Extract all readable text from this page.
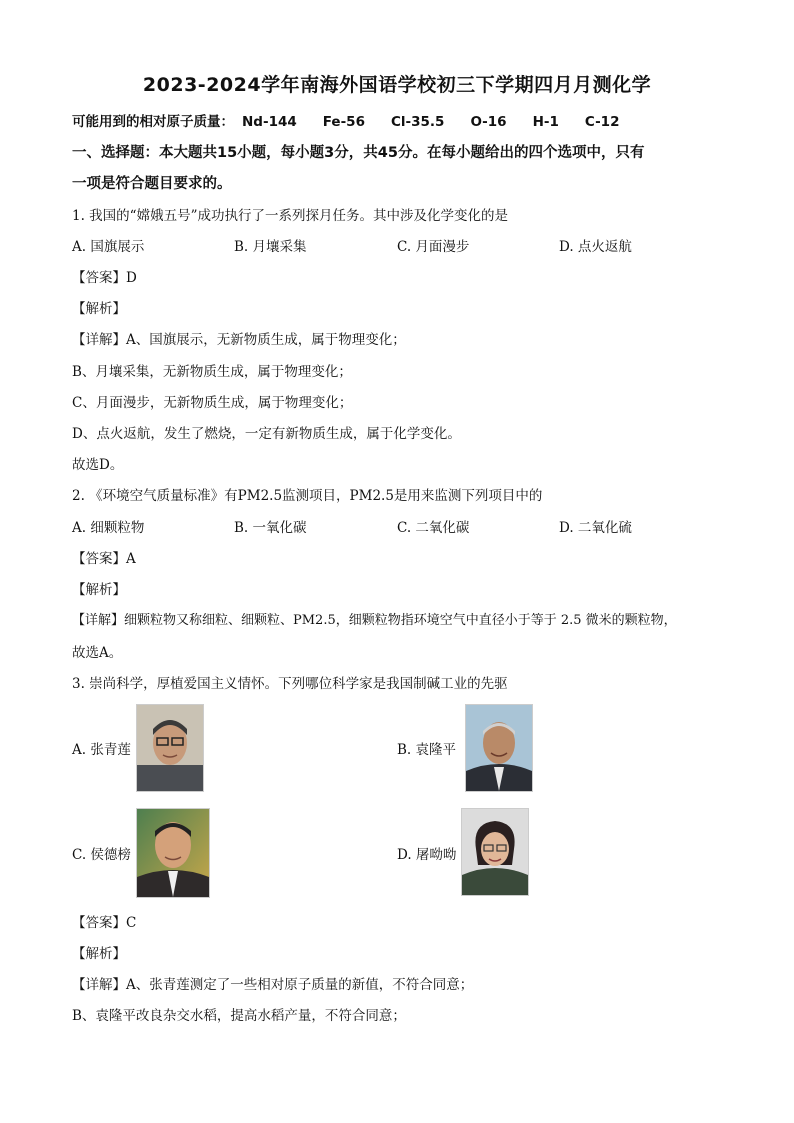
2023-2024学年南海外国语学校初三下学期四月月测化学
可能用到的相对原子质量： Nd-144 Fe-56 Cl-35.5 O-16 H-1 C-12
一、选择题：本大题共15小题，每小题3分，共45分。在每小题给出的四个选项中，只有
一项是符合题目要求的。
1. 我国的“嫦娥五号”成功执行了一系列探月任务。其中涉及化学变化的是
A. 国旗展示	B. 月壤采集	C. 月面漫步	D. 点火返航
【答案】D
【解析】
【详解】A、国旗展示，无新物质生成，属于物理变化；
B、月壤采集，无新物质生成，属于物理变化；
C、月面漫步，无新物质生成，属于物理变化；
D、点火返航，发生了燃烧，一定有新物质生成，属于化学变化。
故选D。
2. 《环境空气质量标准》有PM2.5监测项目，PM2.5是用来监测下列项目中的
A. 细颗粒物	B. 一氧化碳	C. 二氧化碳	D. 二氧化硫
【答案】A
【解析】
【详解】细颗粒物又称细粒、细颗粒、PM2.5，细颗粒物指环境空气中直径小于等于 2.5 微米的颗粒物，
故选A。
3. 崇尚科学，厚植爱国主义情怀。下列哪位科学家是我国制碱工业的先驱
A. 张青莲	B. 袁隆平
C. 侯德榜	D. 屠呦呦
【答案】C
【解析】
【详解】A、张青莲测定了一些相对原子质量的新值，不符合同意；
B、袁隆平改良杂交水稻，提高水稻产量，不符合同意；
